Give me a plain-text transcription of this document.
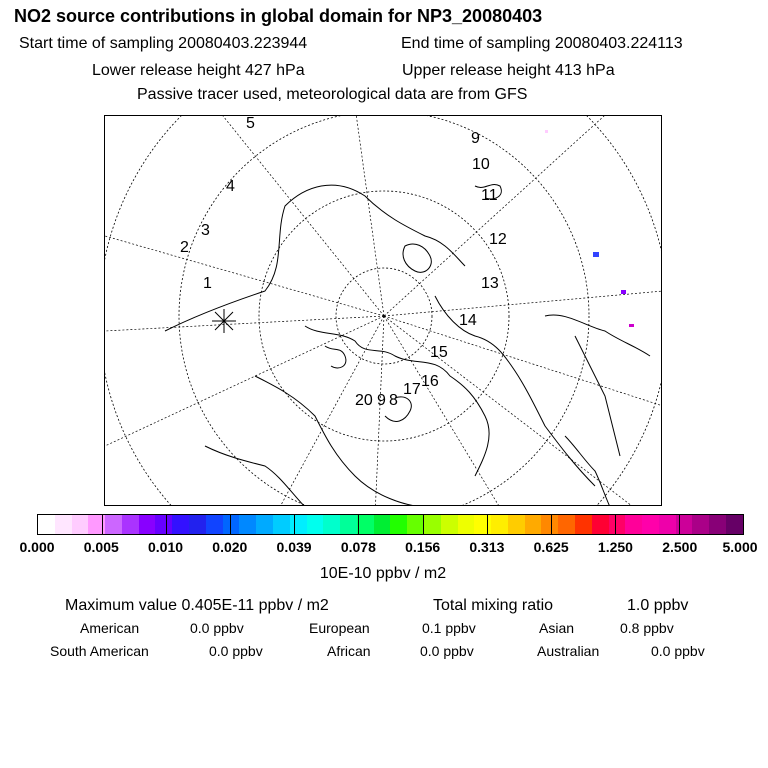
NO2 source contributions in global domain for NP3_20080403
Start time of sampling 20080403.223944	End time of sampling 20080403.224113
Lower release height 427 hPa	Upper release height 413 hPa
Passive tracer used, meteorological data are from GFS
1
2
3
4
5
9
10
11
12
13
14
15
16
17
20 9 8
0.000 0.005 0.010 0.020 0.039 0.078 0.156 0.313 0.625 1.250 2.500 5.000
10E-10 ppbv / m2
Maximum value 0.405E-11 ppbv / m2	Total mixing ratio	1.0 ppbv
American	0.0 ppbv	European	0.1 ppbv	Asian	0.8 ppbv
South American	0.0 ppbv	African	0.0 ppbv	Australian	0.0 ppbv
